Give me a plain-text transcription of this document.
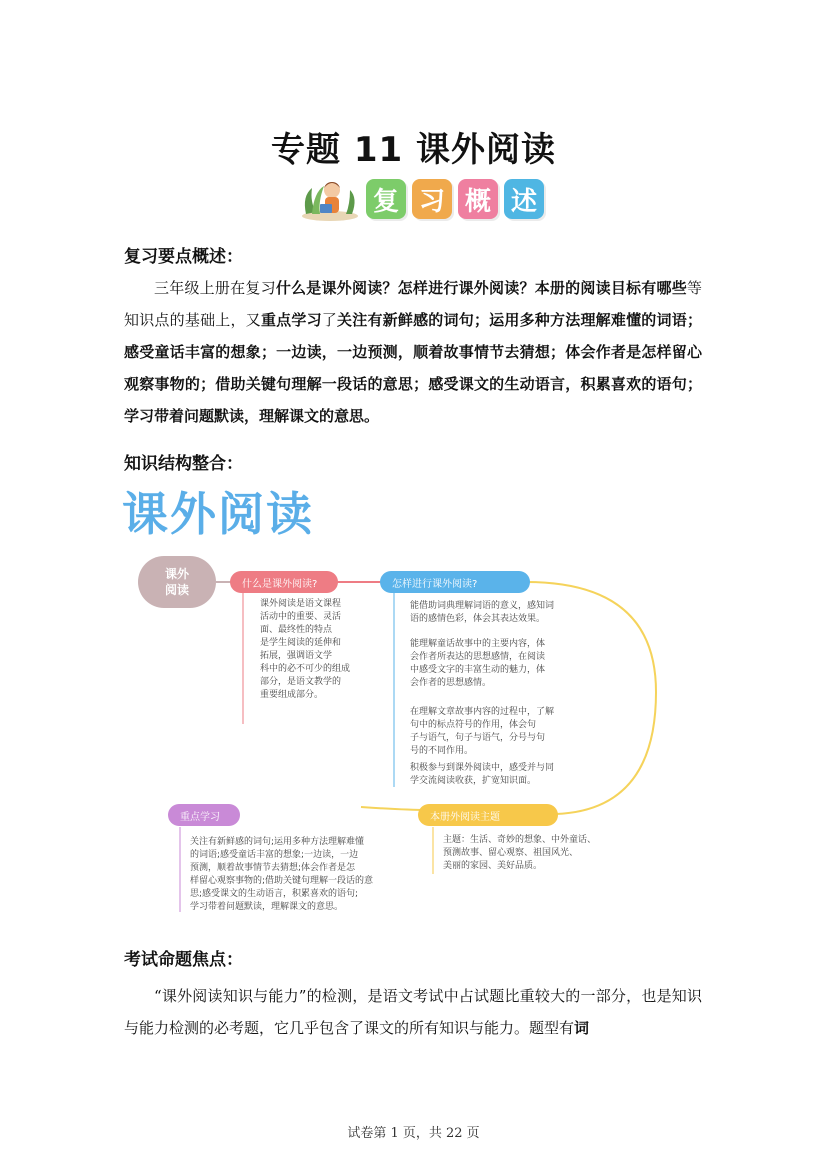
专题 11 课外阅读
复 习 概 述
复习要点概述：
三年级上册在复习什么是课外阅读？怎样进行课外阅读？本册的阅读目标有哪些等知识点的基础上，又重点学习了关注有新鲜感的词句；运用多种方法理解难懂的词语；感受童话丰富的想象；一边读，一边预测，顺着故事情节去猜想；体会作者是怎样留心观察事物的；借助关键句理解一段话的意思；感受课文的生动语言，积累喜欢的语句；学习带着问题默读，理解课文的意思。
知识结构整合：
课外阅读
课外
阅读	什么是课外阅读?
课外阅读是语文课程
活动中的重要、灵活
面、最终性的特点
是学生阅读的延伸和
拓展，强调语文学
科中的必不可少的组成
部分，是语文教学的
重要组成部分。
怎样进行课外阅读?
能借助词典理解词语的意义，感知词
语的感情色彩，体会其表达效果。
能理解童话故事中的主要内容，体
会作者所表达的思想感情，在阅读
中感受文字的丰富生动的魅力，体
会作者的思想感情。
在理解文章故事内容的过程中，了解
句中的标点符号的作用，体会句
子与语气，句子与语气，分号与句
号的不同作用。
积极参与到课外阅读中，感受并与同
学交流阅读收获，扩宽知识面。
本册外阅读主题
主题：生活、奇妙的想象、中外童话、
预测故事、留心观察、祖国风光、
美丽的家园、美好品质。
重点学习
关注有新鲜感的词句;运用多种方法理解难懂
的词语;感受童话丰富的想象;一边读，一边
预测，顺着故事情节去猜想;体会作者是怎
样留心观察事物的;借助关键句理解一段话的意
思;感受课文的生动语言，积累喜欢的语句;
学习带着问题默读，理解课文的意思。
考试命题焦点：
“课外阅读知识与能力”的检测，是语文考试中占试题比重较大的一部分，也是知识与能力检测的必考题，它几乎包含了课文的所有知识与能力。题型有词
试卷第 1 页，共 22 页
